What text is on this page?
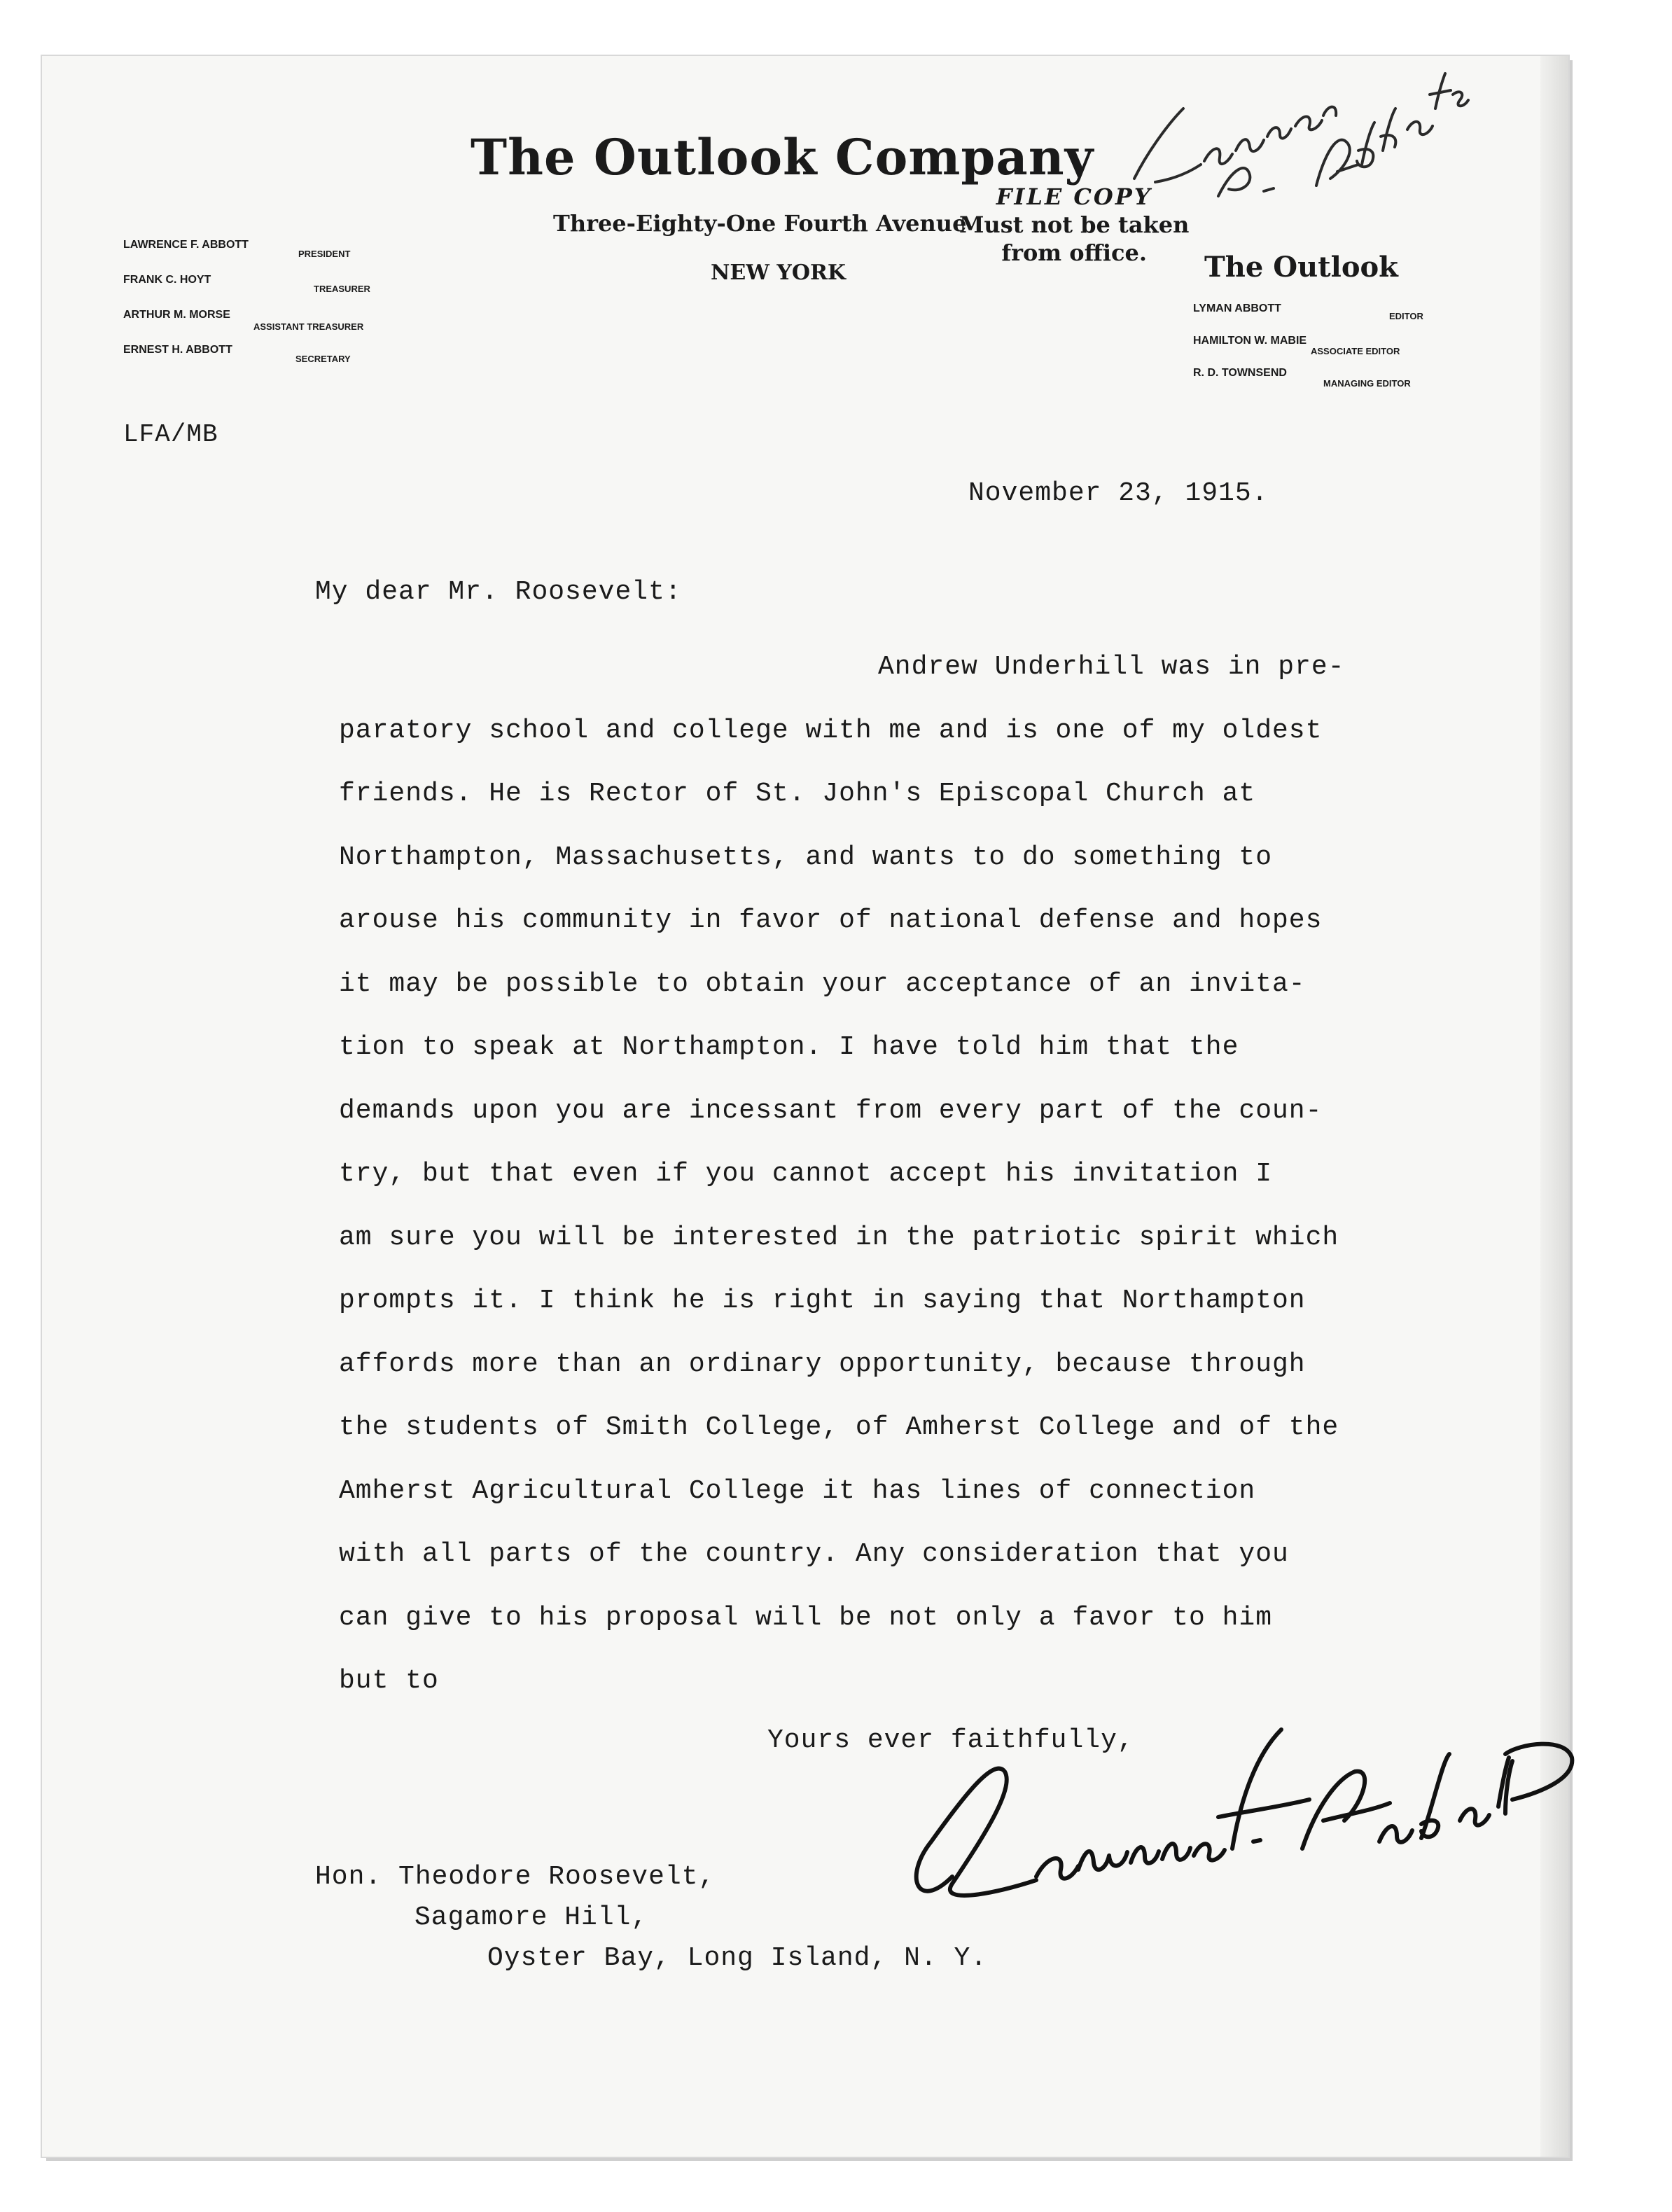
The Outlook Company
Three-Eighty-One Fourth Avenue
NEW YORK
FILE COPY
Must not be taken
from office.
LAWRENCE F. ABBOTT
PRESIDENT
FRANK C. HOYT
TREASURER
ARTHUR M. MORSE
ASSISTANT TREASURER
ERNEST H. ABBOTT
SECRETARY
The Outlook
LYMAN ABBOTT
EDITOR
HAMILTON W. MABIE
ASSOCIATE EDITOR
R. D. TOWNSEND
MANAGING EDITOR
LFA/MB
November 23, 1915.
My dear Mr. Roosevelt:
Andrew Underhill was in pre-
paratory school and college with me and is one of my oldest
friends. He is Rector of St. John's Episcopal Church at
Northampton, Massachusetts, and wants to do something to
arouse his community in favor of national defense and hopes
it may be possible to obtain your acceptance of an invita-
tion to speak at Northampton. I have told him that the
demands upon you are incessant from every part of the coun-
try, but that even if you cannot accept his invitation I
am sure you will be interested in the patriotic spirit which
prompts it. I think he is right in saying that Northampton
affords more than an ordinary opportunity, because through
the students of Smith College, of Amherst College and of the
Amherst Agricultural College it has lines of connection
with all parts of the country. Any consideration that you
can give to his proposal will be not only a favor to him
but to
Yours ever faithfully,
Hon. Theodore Roosevelt,
Sagamore Hill,
Oyster Bay, Long Island, N. Y.
